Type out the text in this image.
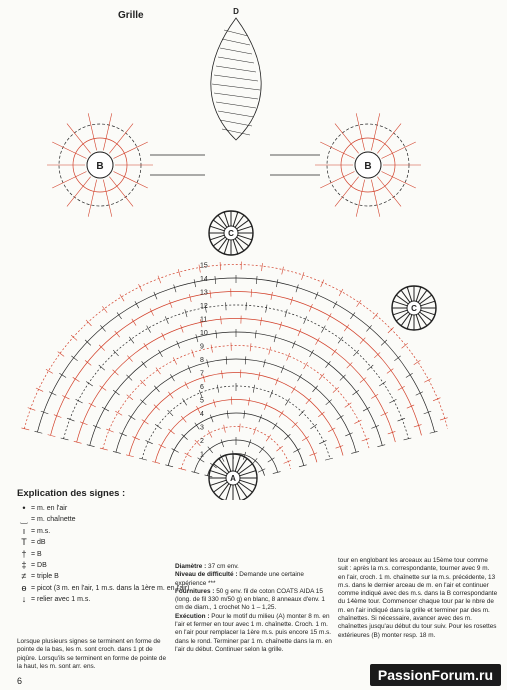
B	B
C
C
A
D
15
14
13
12
11
10
9
8
7
6
5
4
3
2
1
Grille
Explication des signes :
• = m. en l'air
‿ = m. chaînette
ı = m.s.
T = dB
† = B
‡ = DB
≠ = triple B
ɵ = picot (3 m. en l'air, 1 m.s. dans la 1ère m. en l'air)
↓ = relier avec 1 m.s.
Lorsque plusieurs signes se terminent en forme de pointe de la bas, les m. sont croch. dans 1 pt de piqûre. Lorsqu'ils se terminent en forme de pointe de la haut, les m. sont arr. ens.
Diamètre : 37 cm env.
Niveau de difficulté : Demande une certaine expérience ***
Fournitures : 50 g env. fil de coton COATS AIDA 15 (long. de fil 330 m/50 g) en blanc, 8 anneaux d'env. 1 cm de diam., 1 crochet No 1 – 1,25.
Exécution : Pour le motif du milieu (A) monter 8 m. en l'air et fermer en tour avec 1 m. chaînette. Croch. 1 m. en l'air pour remplacer la 1ère m.s. puis encore 15 m.s. dans le rond. Terminer par 1 m. chaînette dans la m. en l'air du début. Continuer selon la grille.
tour en englobant les arceaux au 15ème tour comme suit : après la m.s. correspondante, tourner avec 9 m. en l'air, croch. 1 m. chaînette sur la m.s. précédente, 13 m.s. dans le dernier arceau de m. en l'air et continuer comme indiqué avec des m.s. dans la B correspondante du 14ème tour. Commencer chaque tour par le nbre de m. en l'air indiqué dans la grille et terminer par des m. chaînettes. Si nécessaire, avancer avec des m. chaînettes jusqu'au début du tour suiv. Pour les rosettes extérieures (B) monter resp. 18 m.
6	PassionForum.ru
